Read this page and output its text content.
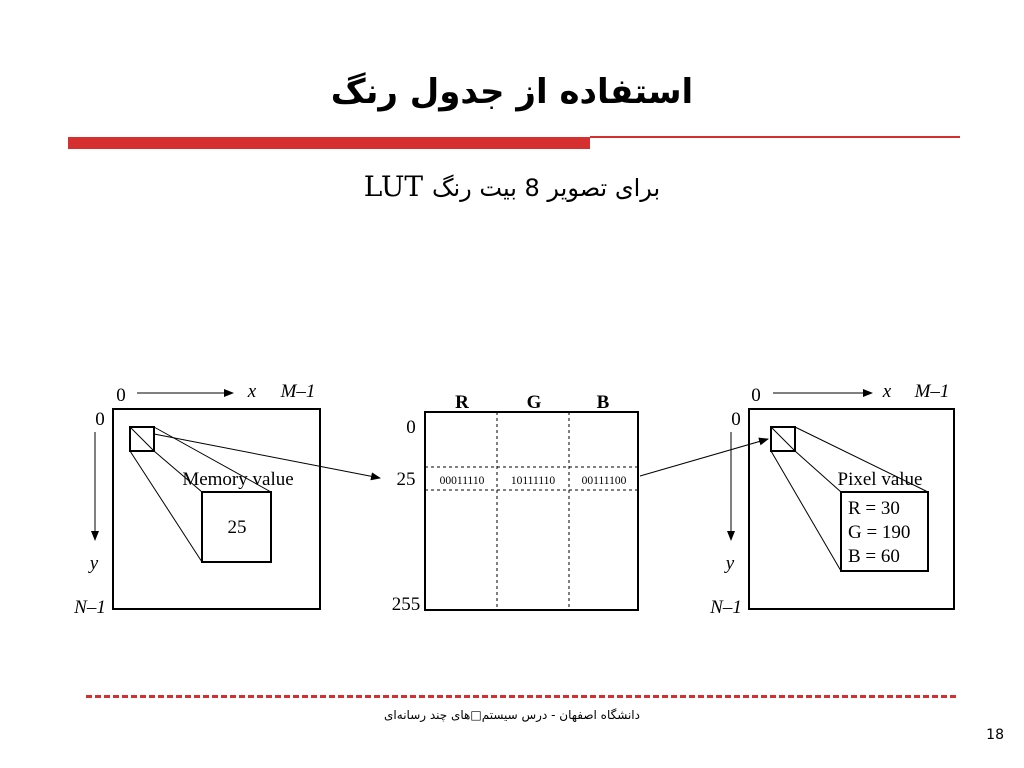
استفاده از جدول رنگ
LUT برای تصویر 8 بیت رنگ
0	x M–1
0
y
N–1
Memory value
25
R	G	B
0
25
255
00011110 10111110 00111100
0	x M–1
0
y
N–1
Pixel value
R = 30
G = 190
B = 60
دانشگاه اصفهان - درس سیستم□های چند رسانه‌ای
18
